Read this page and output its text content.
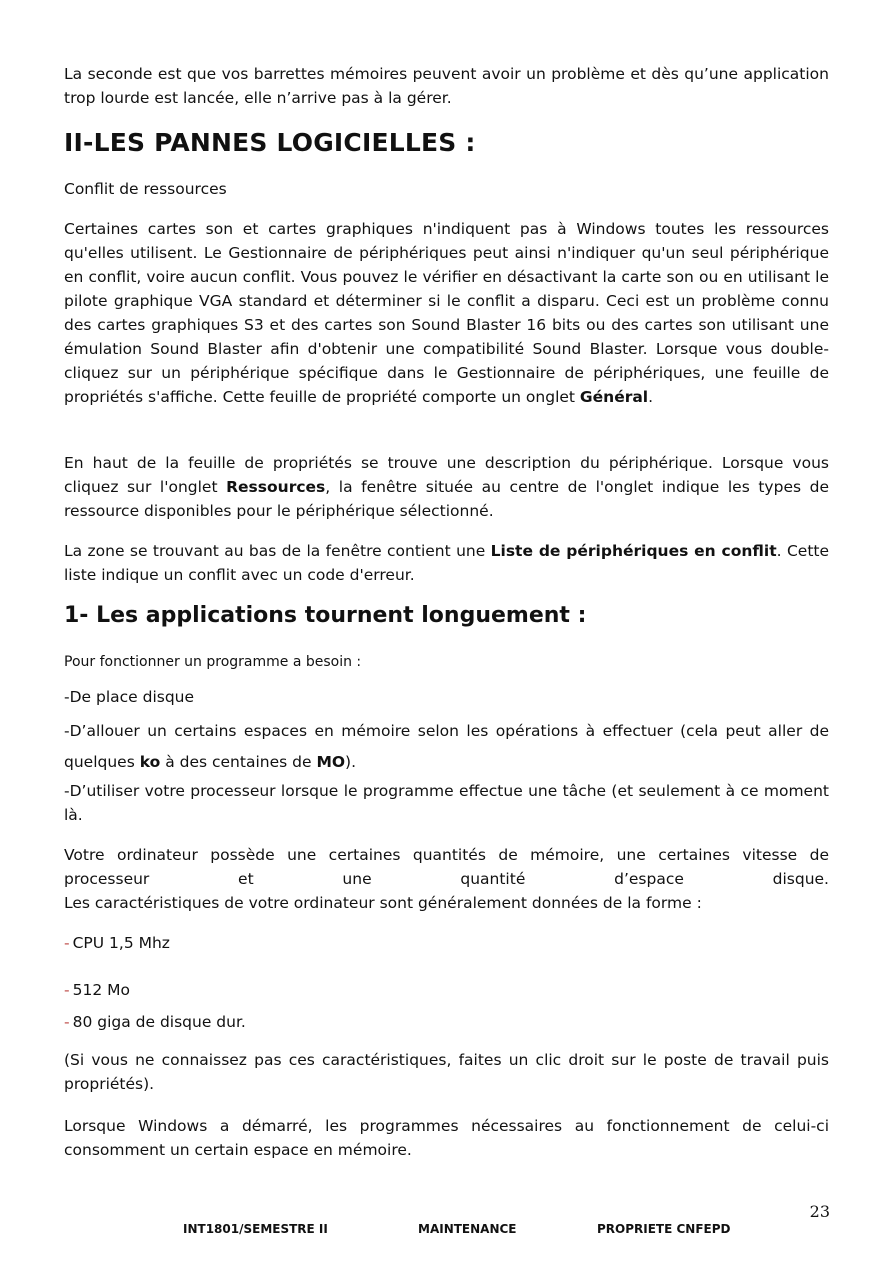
La seconde est que vos barrettes mémoires peuvent avoir un problème et dès qu’une application trop lourde est lancée, elle n’arrive pas à la gérer.

II-LES PANNES LOGICIELLES :

Conflit de ressources

Certaines cartes son et cartes graphiques n'indiquent pas à Windows toutes les ressources qu'elles utilisent. Le Gestionnaire de périphériques peut ainsi n'indiquer qu'un seul périphérique en conflit, voire aucun conflit. Vous pouvez le vérifier en désactivant la carte son ou en utilisant le pilote graphique VGA standard et déterminer si le conflit a disparu. Ceci est un problème connu des cartes graphiques S3 et des cartes son Sound Blaster 16 bits ou des cartes son utilisant une émulation Sound Blaster afin d'obtenir une compatibilité Sound Blaster. Lorsque vous double-cliquez sur un périphérique spécifique dans le Gestionnaire de périphériques, une feuille de propriétés s'affiche. Cette feuille de propriété comporte un onglet Général.

En haut de la feuille de propriétés se trouve une description du périphérique. Lorsque vous cliquez sur l'onglet Ressources, la fenêtre située au centre de l'onglet indique les types de ressource disponibles pour le périphérique sélectionné.

La zone se trouvant au bas de la fenêtre contient une Liste de périphériques en conflit. Cette liste indique un conflit avec un code d'erreur.

1- Les applications tournent longuement :

Pour fonctionner un programme a besoin :

-De place disque

-D’allouer un certains espaces en mémoire selon les opérations à effectuer (cela peut aller de quelques ko à des centaines de MO).

-D’utiliser votre processeur lorsque le programme effectue une tâche (et seulement à ce moment là.

Votre ordinateur possède une certaines quantités de mémoire, une certaines vitesse de processeur et une quantité d’espace disque.

Les caractéristiques de votre ordinateur sont généralement données de la forme :

- CPU 1,5 Mhz

- 512 Mo

- 80 giga de disque dur.

(Si vous ne connaissez pas ces caractéristiques, faites un clic droit sur le poste de travail puis propriétés).

Lorsque Windows a démarré, les programmes nécessaires au fonctionnement de celui-ci consomment un certain espace en mémoire.

23
INT1801/SEMESTRE II	MAINTENANCE	PROPRIETE CNFEPD
